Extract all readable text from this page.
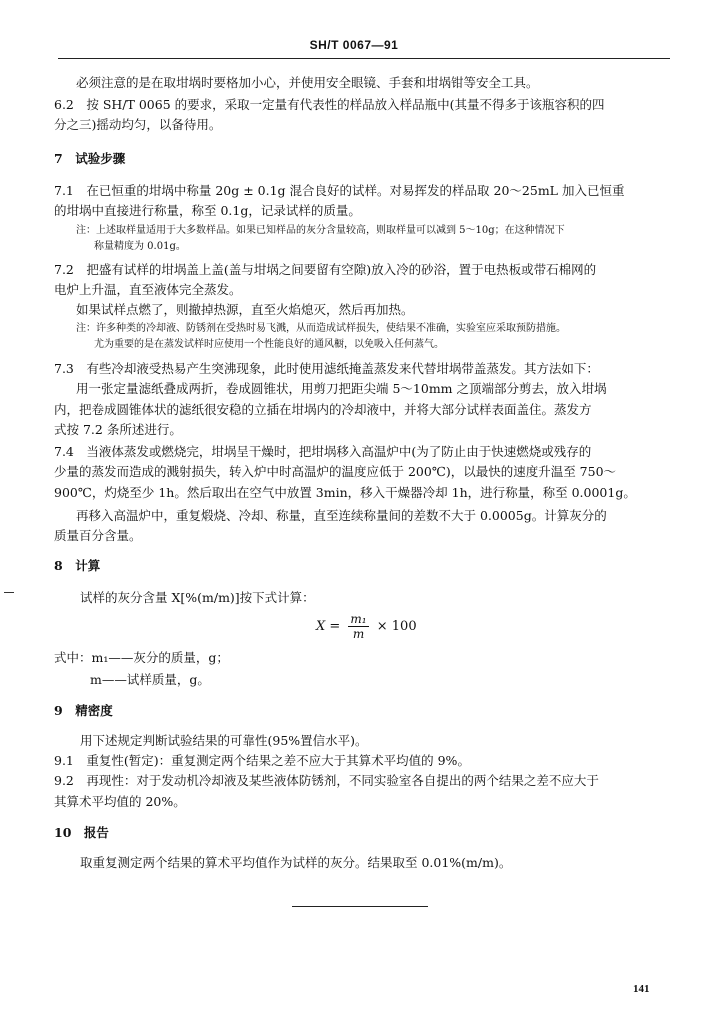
SH/T 0067—91
必须注意的是在取坩埚时要格加小心，并使用安全眼镜、手套和坩埚钳等安全工具。
6.2　按 SH/T 0065 的要求，采取一定量有代表性的样品放入样品瓶中(其量不得多于该瓶容积的四
分之三)摇动均匀，以备待用。
7　试验步骤
7.1　在已恒重的坩埚中称量 20g ± 0.1g 混合良好的试样。对易挥发的样品取 20～25mL 加入已恒重
的坩埚中直接进行称量，称至 0.1g，记录试样的质量。
注：上述取样量适用于大多数样品。如果已知样品的灰分含量较高，则取样量可以减到 5～10g；在这种情况下
称量精度为 0.01g。
7.2　把盛有试样的坩埚盖上盖(盖与坩埚之间要留有空隙)放入冷的砂浴，置于电热板或带石棉网的
电炉上升温，直至液体完全蒸发。
如果试样点燃了，则撤掉热源，直至火焰熄灭，然后再加热。
注：许多种类的冷却液、防锈剂在受热时易飞溅，从而造成试样损失，使结果不准确，实验室应采取预防措施。
尤为重要的是在蒸发试样时应使用一个性能良好的通风橱，以免吸入任何蒸气。
7.3　有些冷却液受热易产生突沸现象，此时使用滤纸掩盖蒸发来代替坩埚带盖蒸发。其方法如下：
用一张定量滤纸叠成两折，卷成圆锥状，用剪刀把距尖端 5～10mm 之顶端部分剪去，放入坩埚
内，把卷成圆锥体状的滤纸很安稳的立插在坩埚内的冷却液中，并将大部分试样表面盖住。蒸发方
式按 7.2 条所述进行。
7.4　当液体蒸发或燃烧完，坩埚呈干燥时，把坩埚移入高温炉中(为了防止由于快速燃烧或残存的
少量的蒸发而造成的溅射损失，转入炉中时高温炉的温度应低于 200℃)，以最快的速度升温至 750～
900℃，灼烧至少 1h。然后取出在空气中放置 3min，移入干燥器冷却 1h，进行称量，称至 0.0001g。
再移入高温炉中，重复煅烧、冷却、称量，直至连续称量间的差数不大于 0.0005g。计算灰分的
质量百分含量。
8　计算
试样的灰分含量 X[%(m/m)]按下式计算：
$X = \frac{\text{m₁}}{m} \times 100$
式中：m₁——灰分的质量，g；
m——试样质量，g。
9　精密度
用下述规定判断试验结果的可靠性(95%置信水平)。
9.1　重复性(暂定)：重复测定两个结果之差不应大于其算术平均值的 9%。
9.2　再现性：对于发动机冷却液及某些液体防锈剂，不同实验室各自提出的两个结果之差不应大于
其算术平均值的 20%。
10　报告
取重复测定两个结果的算术平均值作为试样的灰分。结果取至 0.01%(m/m)。
141
